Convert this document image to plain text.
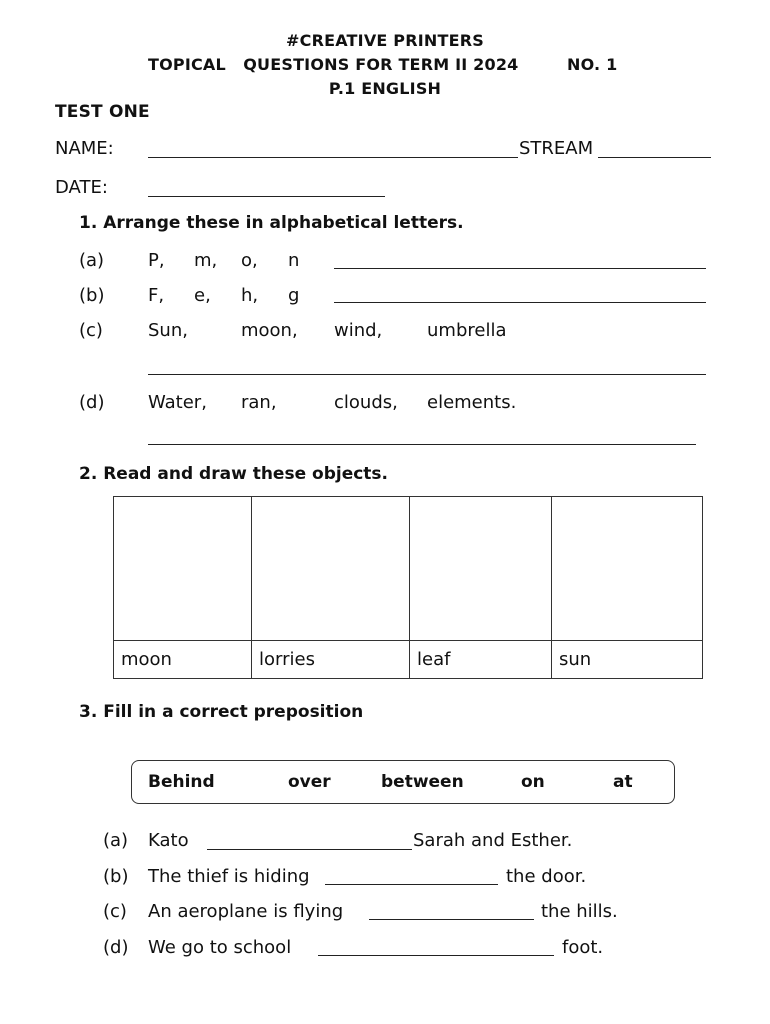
#CREATIVE PRINTERS
TOPICAL   QUESTIONS FOR TERM II 2024	NO. 1
P.1 ENGLISH
TEST ONE
NAME:	STREAM
DATE:
1. Arrange these in alphabetical letters.
(a) P, m, o, n
(b) F, e, h, g
(c)	Sun,	moon, wind, umbrella
(d) Water, ran,	clouds, elements.
2. Read and draw these objects.

moon	lorries	leaf	sun
3. Fill in a correct preposition
Behind	over	between	on	at
(a) Kato	Sarah and Esther.
(b) The thief is hiding	the door.
(c) An aeroplane is flying	the hills.
(d) We go to school	foot.
